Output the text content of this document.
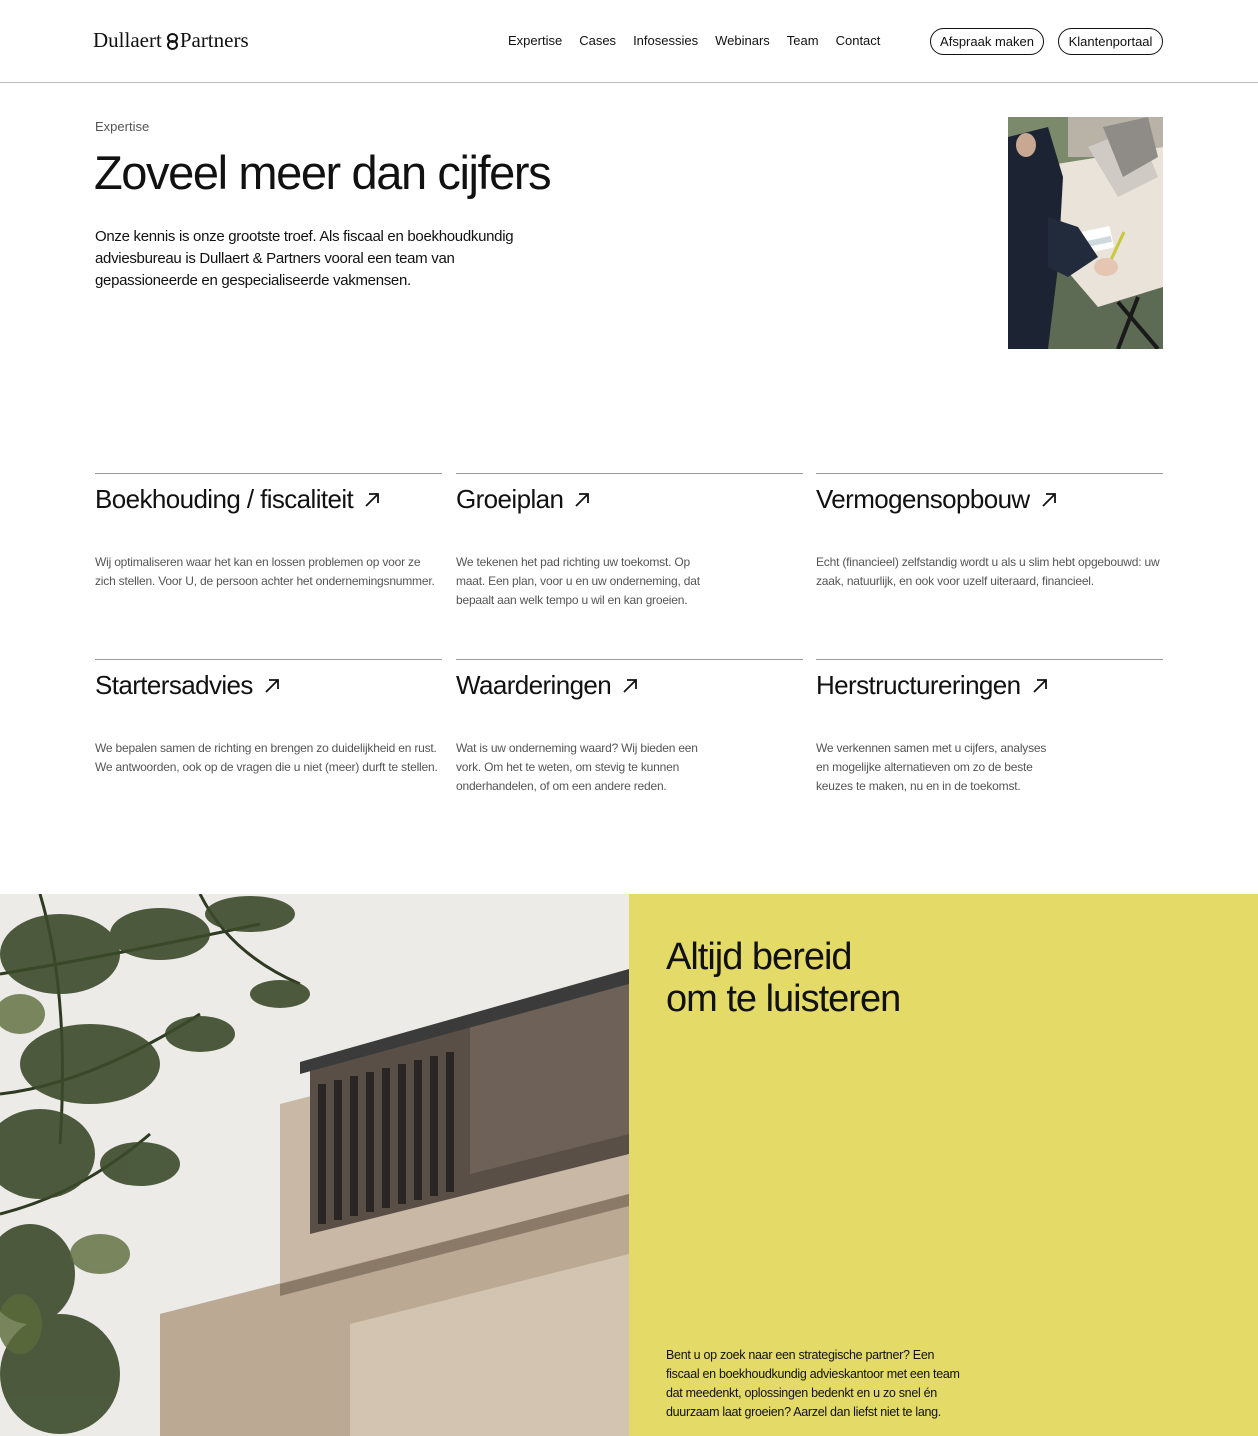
Dullaert Partners	Expertise Cases Infosessies Webinars Team Contact	Afspraak maken	Klantenportaal
Expertise
Zoveel meer dan cijfers

Onze kennis is onze grootste troef. Als fiscaal en boekhoudkundig adviesbureau is Dullaert & Partners vooral een team van gepassioneerde en gespecialiseerde vakmensen.

Boekhouding / fiscaliteit

Wij optimaliseren waar het kan en lossen problemen op voor ze zich stellen. Voor U, de persoon achter het ondernemingsnummer.

Groeiplan

We tekenen het pad richting uw toekomst. Op maat. Een plan, voor u en uw onderneming, dat bepaalt aan welk tempo u wil en kan groeien.

Vermogensopbouw

Echt (financieel) zelfstandig wordt u als u slim hebt opgebouwd: uw zaak, natuurlijk, en ook voor uzelf uiteraard, financieel.

Startersadvies

We bepalen samen de richting en brengen zo duidelijkheid en rust. We antwoorden, ook op de vragen die u niet (meer) durft te stellen.

Waarderingen

Wat is uw onderneming waard? Wij bieden een vork. Om het te weten, om stevig te kunnen onderhandelen, of om een andere reden.

Herstructureringen

We verkennen samen met u cijfers, analyses en mogelijke alternatieven om zo de beste keuzes te maken, nu en in de toekomst.

Altijd bereid
om te luisteren

Bent u op zoek naar een strategische partner? Een fiscaal en boekhoudkundig advieskantoor met een team dat meedenkt, oplossingen bedenkt en u zo snel én duurzaam laat groeien? Aarzel dan liefst niet te lang.
